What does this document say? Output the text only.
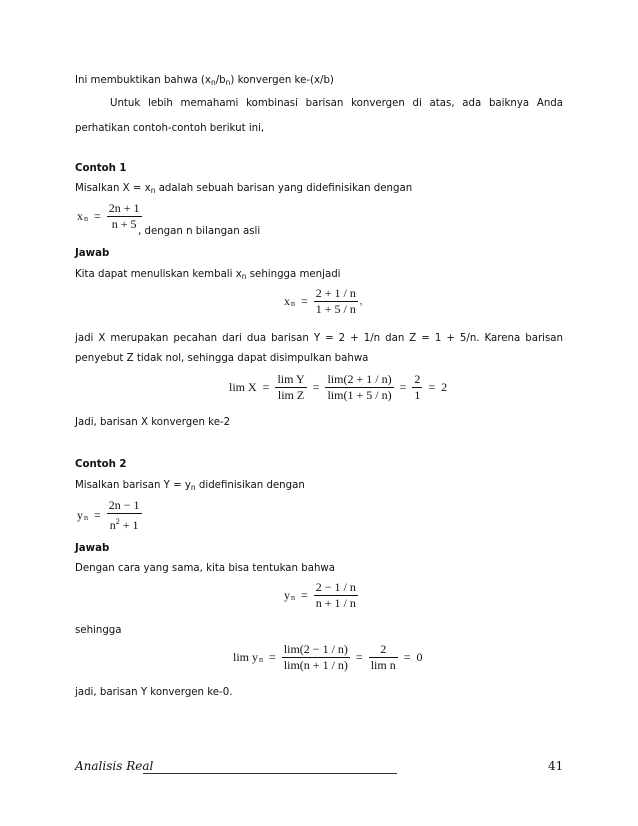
Ini membuktikan bahwa (xn/bn) konvergen ke-(x/b)
Untuk lebih memahami kombinasi barisan konvergen di atas, ada baiknya Anda
perhatikan contoh-contoh berikut ini,
Contoh 1
Misalkan X = xn adalah sebuah barisan yang didefinisikan dengan
$x_n = \frac{2n + 1}{n + 5}$
, dengan n bilangan asli
Jawab
Kita dapat menuliskan kembali xn sehingga menjadi
$x_n = \frac{2 + 1 / n}{1 + 5 / n}$ ,
jadi X merupakan pecahan dari dua barisan Y = 2 + 1/n dan Z = 1 + 5/n. Karena barisan
penyebut Z tidak nol, sehingga dapat disimpulkan bahwa
$\lim X = \frac{\text{lim Y}}{\text{lim Z}} = \frac{\lim(2 + 1 / n)}{\lim(1 + 5 / n)} = \frac{2}{1} = 2$
Jadi, barisan X konvergen ke-2
Contoh 2
Misalkan barisan Y = yn didefinisikan dengan
$y_n = \frac{2n - 1}{n^2 + 1}$
Jawab
Dengan cara yang sama, kita bisa tentukan bahwa
$y_n = \frac{2 - 1 / n}{n + 1 / n}$
sehingga
$\lim y_n = \frac{\lim(2 - 1 / n)}{\lim(n + 1 / n)} = \frac{2}{\text{lim n}} = 0$
jadi, barisan Y konvergen ke-0.
Analisis Real	41
